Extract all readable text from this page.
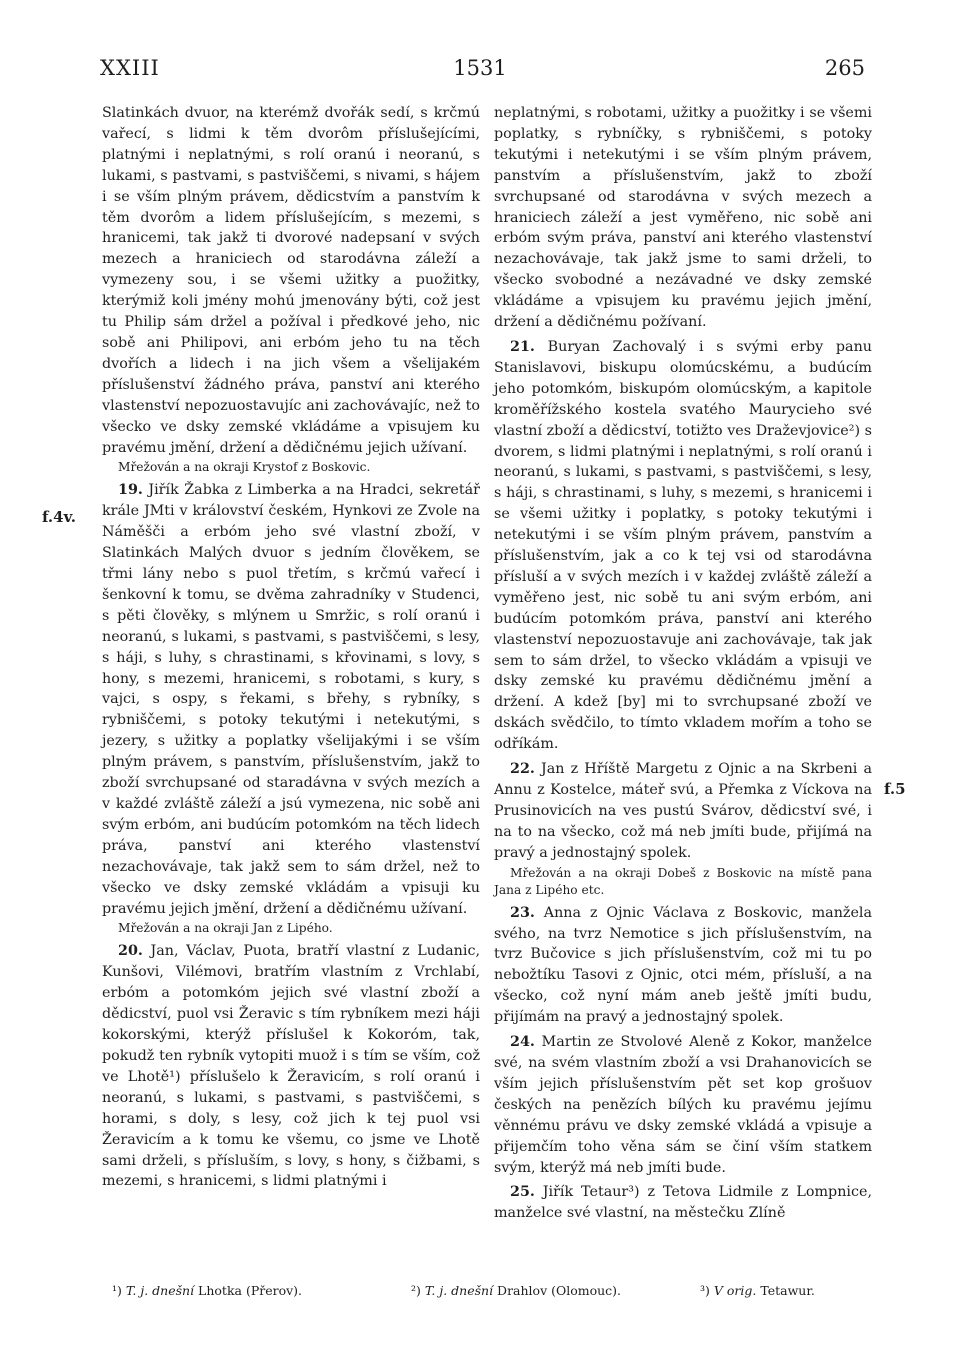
XXIII	1531	265
f.4v.
f.5

Slatinkách dvuor, na kterémž dvořák sedí, s krčmú vařecí, s lidmi k těm dvorôm příslušejícími, platnými i neplatnými, s rolí oranú i neoranú, s lukami, s pastvami, s pastviščemi, s nivami, s hájem i se vším plným právem, dědicstvím a panstvím k těm dvorôm a lidem příslušejícím, s mezemi, s hranicemi, tak jakž ti dvorové nadepsaní v svých mezech a hraniciech od starodávna záleží a vymezeny sou, i se všemi užitky a puožitky, kterýmiž koli jmény mohú jmenovány býti, což jest tu Philip sám držel a požíval i předkové jeho, nic sobě ani Philipovi, ani erbóm jeho tu na těch dvořích a lidech i na jich všem a všelijakém příslušenství žádného práva, panství ani kterého vlastenství nepozuostavujíc ani zachovávajíc, než to všecko ve dsky zemské vkládáme a vpisujem ku pravému jmění, držení a dědičnému jejich užívaní.

Mřežován a na okraji Krystof z Boskovic.

19. Jiřík Žabka z Limberka a na Hradci, sekretář krále JMti v království českém, Hynkovi ze Zvole na Náměšči a erbóm jeho své vlastní zboží, v Slatinkách Malých dvuor s jedním člověkem, se třmi lány nebo s puol třetím, s krčmú vařecí i šenkovní k tomu, se dvěma zahradníky v Studenci, s pěti člověky, s mlýnem u Smržic, s rolí oranú i neoranú, s lukami, s pastvami, s pastviščemi, s lesy, s háji, s luhy, s chrastinami, s křovinami, s lovy, s hony, s mezemi, hranicemi, s robotami, s kury, s vajci, s ospy, s řekami, s břehy, s rybníky, s rybniščemi, s potoky tekutými i netekutými, s jezery, s užitky a poplatky všelijakými i se vším plným právem, s panstvím, příslušenstvím, jakž to zboží svrchupsané od staradávna v svých mezích a v každé zvláště záleží a jsú vymezena, nic sobě ani svým erbóm, ani budúcím potomkóm na těch lidech práva, panství ani kterého vlastenství nezachovávaje, tak jakž sem to sám držel, než to všecko ve dsky zemské vkládám a vpisuji ku pravému jejich jmění, držení a dědičnému užívaní.

Mřežován a na okraji Jan z Lipého.

20. Jan, Václav, Puota, bratří vlastní z Ludanic, Kunšovi, Vilémovi, bratřím vlastním z Vrchlabí, erbóm a potomkóm jejich své vlastní zboží a dědicství, puol vsi Žeravic s tím rybníkem mezi háji kokorskými, kterýž příslušel k Kokoróm, tak, pokudž ten rybník vytopiti muož i s tím se vším, což ve Lhotě¹) příslušelo k Žeravicím, s rolí oranú i neoranú, s lukami, s pastvami, s pastviščemi, s horami, s doly, s lesy, což jich k tej puol vsi Žeravicím a k tomu ke všemu, co jsme ve Lhotě sami drželi, s přísluším, s lovy, s hony, s čižbami, s mezemi, s hranicemi, s lidmi platnými i

neplatnými, s robotami, užitky a puožitky i se všemi poplatky, s rybníčky, s rybniščemi, s potoky tekutými i netekutými i se vším plným právem, panstvím a příslušenstvím, jakž to zboží svrchupsané od starodávna v svých mezech a hraniciech záleží a jest vyměřeno, nic sobě ani erbóm svým práva, panství ani kterého vlastenství nezachovávaje, tak jakž jsme to sami drželi, to všecko svobodné a nezávadné ve dsky zemské vkládáme a vpisujem ku pravému jejich jmění, držení a dědičnému požívaní.

21. Buryan Zachovalý i s svými erby panu Stanislavovi, biskupu olomúcskému, a budúcím jeho potomkóm, biskupóm olomúcským, a kapitole kroměřížského kostela svatého Maurycieho své vlastní zboží a dědicství, totižto ves Draževjovice²) s dvorem, s lidmi platnými i neplatnými, s rolí oranú i neoranú, s lukami, s pastvami, s pastviščemi, s lesy, s háji, s chrastinami, s luhy, s mezemi, s hranicemi i se všemi užitky i poplatky, s potoky tekutými i netekutými i se vším plným právem, panstvím a příslušenstvím, jak a co k tej vsi od starodávna přísluší a v svých mezích i v každej zvláště záleží a vyměřeno jest, nic sobě tu ani svým erbóm, ani budúcím potomkóm práva, panství ani kterého vlastenství nepozuostavuje ani zachovávaje, tak jak sem to sám držel, to všecko vkládám a vpisuji ve dsky zemské ku pravému dědičnému jmění a držení. A kdež [by] mi to svrchupsané zboží ve dskách svědčilo, to tímto vkladem mořím a toho se odříkám.

22. Jan z Hříště Margetu z Ojnic a na Skrbeni a Annu z Kostelce, máteř svú, a Přemka z Víckova na Prusinovicích na ves pustú Svárov, dědicství své, i na to na všecko, což má neb jmíti bude, přijímá na pravý a jednostajný spolek.

Mřežován a na okraji Dobeš z Boskovic na místě pana Jana z Lipého etc.

23. Anna z Ojnic Václava z Boskovic, manžela svého, na tvrz Nemotice s jich příslušenstvím, na tvrz Bučovice s jich příslušenstvím, což mi tu po nebožtíku Tasovi z Ojnic, otci mém, přísluší, a na všecko, což nyní mám aneb ještě jmíti budu, přijímám na pravý a jednostajný spolek.

24. Martin ze Stvolové Aleně z Kokor, manželce své, na svém vlastním zboží a vsi Drahanovicích se vším jejich příslušenstvím pět set kop grošuov českých na penězích bílých ku pravému jejímu věnnému právu ve dsky zemské vkládá a vpisuje a přijemčím toho věna sám se činí vším statkem svým, kterýž má neb jmíti bude.

25. Jiřík Tetaur³) z Tetova Lidmile z Lompnice, manželce své vlastní, na městečku Zlíně

¹) T. j. dnešní Lhotka (Přerov).	²) T. j. dnešní Drahlov (Olomouc).	³) V orig. Tetawur.
